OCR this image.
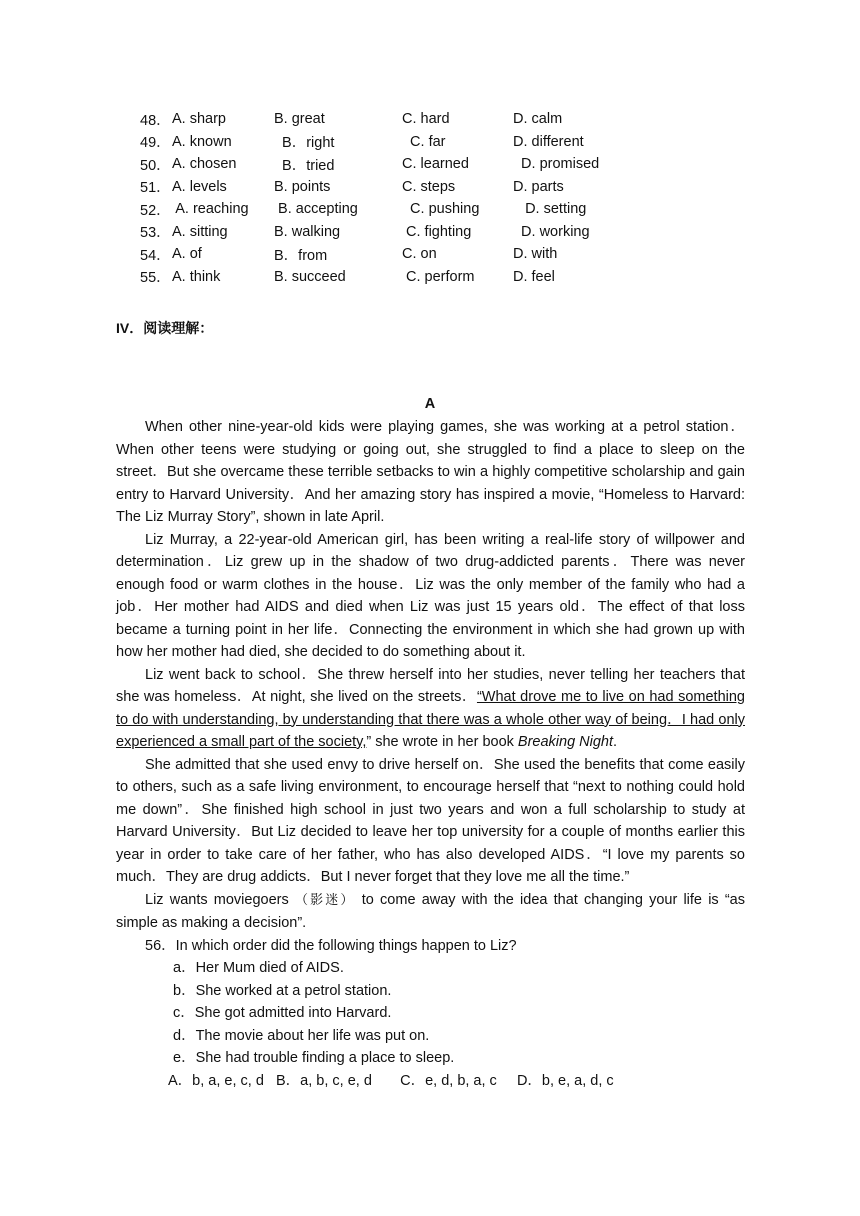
48．	A. sharp	B. great	C. hard	D. calm
49．	A. known	B．right	C. far	D. different
50．	A. chosen	B．tried	C. learned	D. promised
51．	A. levels	B. points	C. steps	D. parts
52．	A. reaching	B. accepting	C. pushing	D. setting
53．	A. sitting	B. walking	C. fighting	D. working
54．	A. of	B．from	C. on	D. with
55．	A. think	B. succeed	C. perform	D. feel
IV．阅读理解：
A

When other nine-year-old kids were playing games, she was working at a petrol station．When other teens were studying or going out, she struggled to find a place to sleep on the street．But she overcame these terrible setbacks to win a highly competitive scholarship and gain entry to Harvard University．And her amazing story has inspired a movie, “Homeless to Harvard: The Liz Murray Story”, shown in late April.

Liz Murray, a 22-year-old American girl, has been writing a real-life story of willpower and determination．Liz grew up in the shadow of two drug-addicted parents．There was never enough food or warm clothes in the house．Liz was the only member of the family who had a job．Her mother had AIDS and died when Liz was just 15 years old．The effect of that loss became a turning point in her life．Connecting the environment in which she had grown up with how her mother had died, she decided to do something about it.

Liz went back to school．She threw herself into her studies, never telling her teachers that she was homeless．At night, she lived on the streets．“What drove me to live on had something to do with understanding, by understanding that there was a whole other way of being．I had only experienced a small part of the society,” she wrote in her book Breaking Night.

She admitted that she used envy to drive herself on．She used the benefits that come easily to others, such as a safe living environment, to encourage herself that “next to nothing could hold me down”．She finished high school in just two years and won a full scholarship to study at Harvard University．But Liz decided to leave her top university for a couple of months earlier this year in order to take care of her father, who has also developed AIDS．“I love my parents so much．They are drug addicts．But I never forget that they love me all the time.”

Liz wants moviegoers （影迷） to come away with the idea that changing your life is “as simple as making a decision”.

56．In which order did the following things happen to Liz?
a．Her Mum died of AIDS.
b．She worked at a petrol station.
c．She got admitted into Harvard.
d．The movie about her life was put on.
e．She had trouble finding a place to sleep.
A．b, a, e, c, d   B．a, b, c, e, d       C．e, d, b, a, c     D．b, e, a, d, c
